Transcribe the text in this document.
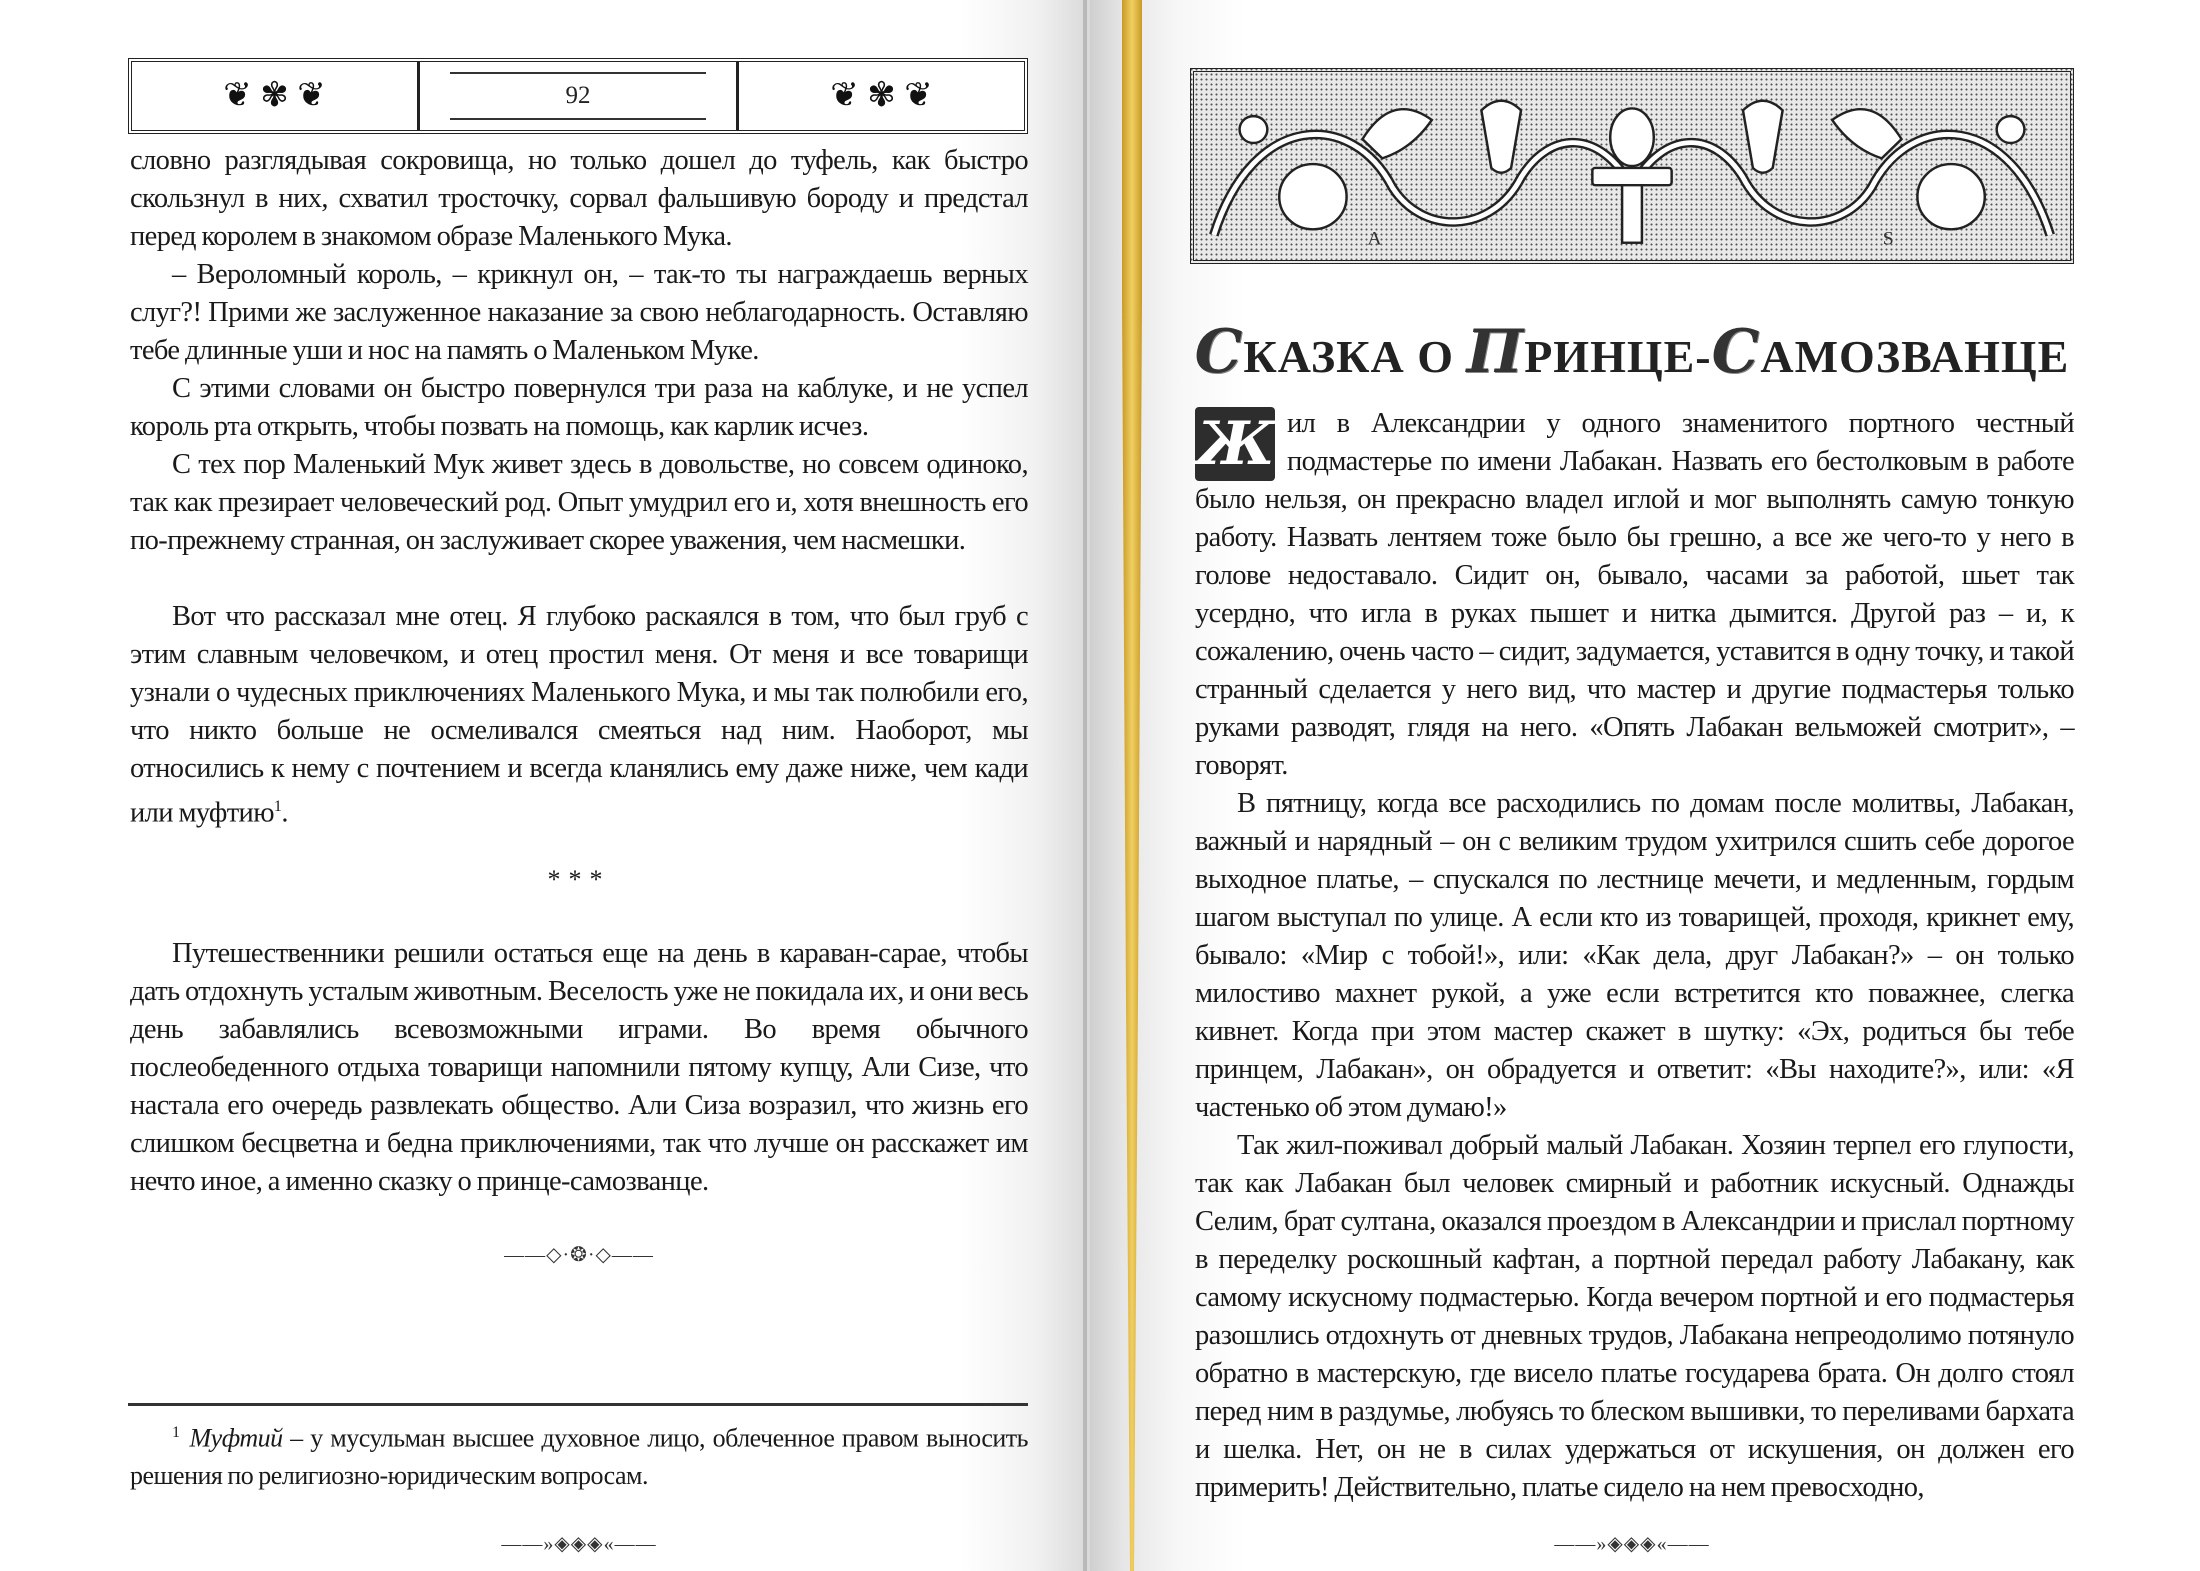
❦ ✾ ❦	92	❦ ✾ ❦

словно разглядывая сокровища, но только дошел до туфель, как быстро скользнул в них, схватил тросточку, сорвал фальшивую бороду и предстал перед королем в знакомом образе Маленького Мука.

– Вероломный король, – крикнул он, – так-то ты награждаешь верных слуг?! Прими же заслуженное наказание за свою неблагодарность. Оставляю тебе длинные уши и нос на память о Маленьком Муке.

С этими словами он быстро повернулся три раза на каблуке, и не успел король рта открыть, чтобы позвать на помощь, как карлик исчез.

С тех пор Маленький Мук живет здесь в довольстве, но совсем одиноко, так как презирает человеческий род. Опыт умудрил его и, хотя внешность его по-прежнему странная, он заслуживает скорее уважения, чем насмешки.

Вот что рассказал мне отец. Я глубоко раскаялся в том, что был груб с этим славным человечком, и отец простил меня. От меня и все товарищи узнали о чудесных приключениях Маленького Мука, и мы так полюбили его, что никто больше не осмеливался смеяться над ним. Наоборот, мы относились к нему с почтением и всегда кланялись ему даже ниже, чем кади или муфтию$^1$.

***

Путешественники решили остаться еще на день в караван-сарае, чтобы дать отдохнуть усталым животным. Веселость уже не покидала их, и они весь день забавлялись всевозможными играми. Во время обычного послеобеденного отдыха товарищи напомнили пятому купцу, Али Сизе, что настала его очередь развлекать общество. Али Сиза возразил, что жизнь его слишком бесцветна и бедна приключениями, так что лучше он расскажет им нечто иное, а именно сказку о принце-самозванце.

——◇·❂·◇——
$^1$ Муфтий – у мусульман высшее духовное лицо, облеченное правом выносить решения по религиозно-юридическим вопросам.
——»◈◈◈«——
A	S
СКАЗКА О ПРИНЦЕ-САМОЗВАНЦЕ
Ж ил в Александрии у одного знаменитого портного честный подмастерье по имени Лабакан. Назвать его бестолковым в работе было нельзя, он прекрасно владел иглой и мог выполнять самую тонкую работу. Назвать лентяем тоже было бы грешно, а все же чего-то у него в голове недоставало. Сидит он, бывало, часами за работой, шьет так усердно, что игла в руках пышет и нитка дымится. Другой раз – и, к сожалению, очень часто – сидит, задумается, уставится в одну точку, и такой странный сделается у него вид, что мастер и другие подмастерья только руками разводят, глядя на него. «Опять Лабакан вельможей смотрит», – говорят.

В пятницу, когда все расходились по домам после молитвы, Лабакан, важный и нарядный – он с великим трудом ухитрился сшить себе дорогое выходное платье, – спускался по лестнице мечети, и медленным, гордым шагом выступал по улице. А если кто из товарищей, проходя, крикнет ему, бывало: «Мир с тобой!», или: «Как дела, друг Лабакан?» – он только милостиво махнет рукой, а уже если встретится кто поважнее, слегка кивнет. Когда при этом мастер скажет в шутку: «Эх, родиться бы тебе принцем, Лабакан», он обрадуется и ответит: «Вы находите?», или: «Я частенько об этом думаю!»

Так жил-поживал добрый малый Лабакан. Хозяин терпел его глупости, так как Лабакан был человек смирный и работник искусный. Однажды Селим, брат султана, оказался проездом в Александрии и прислал портному в переделку роскошный кафтан, а портной передал работу Лабакану, как самому искусному подмастерью. Когда вечером портной и его подмастерья разошлись отдохнуть от дневных трудов, Лабакана непреодолимо потянуло обратно в мастерскую, где висело платье государева брата. Он долго стоял перед ним в раздумье, любуясь то блеском вышивки, то переливами бархата и шелка. Нет, он не в силах удержаться от искушения, он должен его примерить! Действительно, платье сидело на нем превосходно,

——»◈◈◈«——
